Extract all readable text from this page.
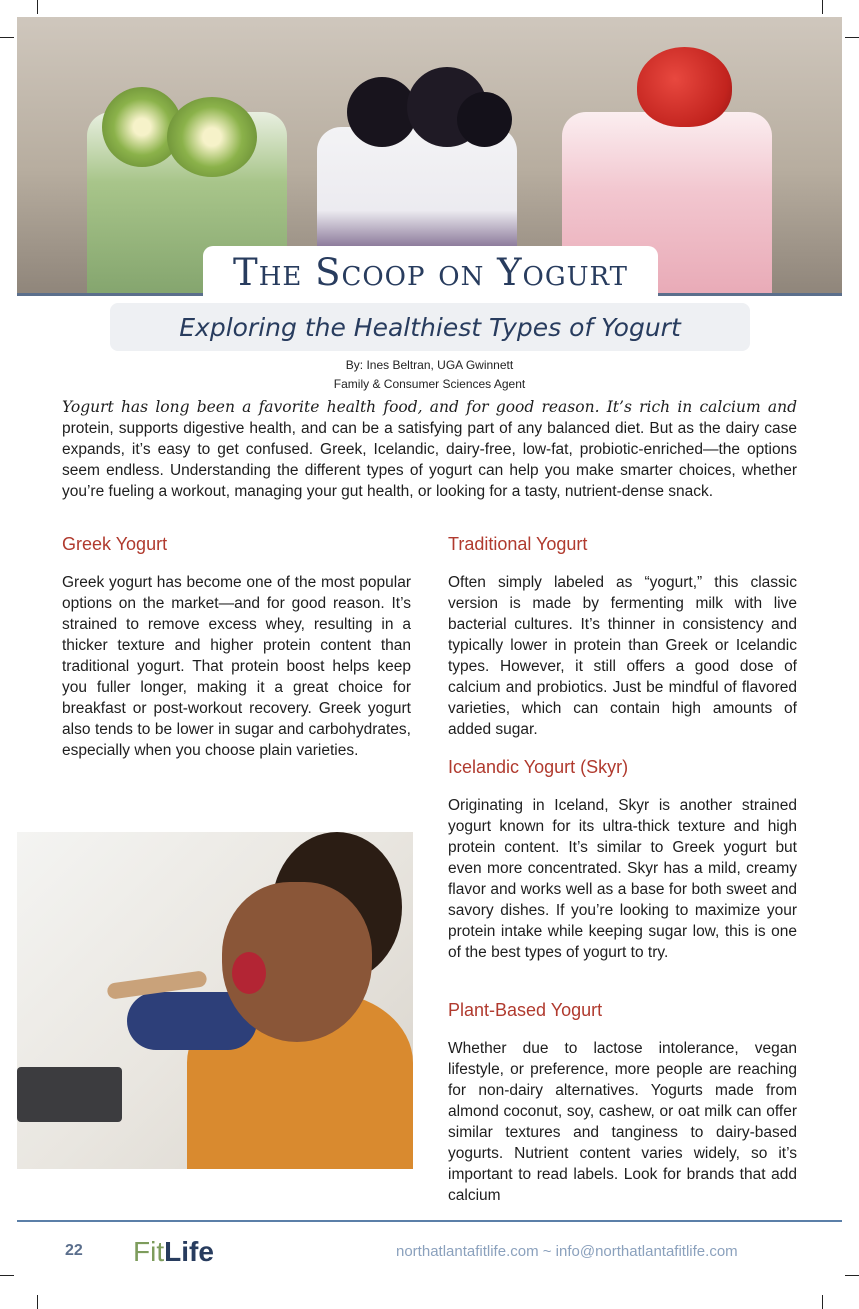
The Scoop on Yogurt
Exploring the Healthiest Types of Yogurt
By: Ines Beltran, UGA Gwinnett
Family & Consumer Sciences Agent
Yogurt has long been a favorite health food, and for good reason. It’s rich in calcium and protein, supports digestive health, and can be a satisfying part of any balanced diet. But as the dairy case expands, it’s easy to get confused. Greek, Icelandic, dairy-free, low-fat, probiotic-enriched—the options seem endless. Understanding the different types of yogurt can help you make smarter choices, whether you’re fueling a workout, managing your gut health, or looking for a tasty, nutrient-dense snack.
Greek Yogurt
Greek yogurt has become one of the most popular options on the market—and for good reason. It’s strained to remove excess whey, resulting in a thicker texture and higher protein content than traditional yogurt. That protein boost helps keep you fuller longer, making it a great choice for breakfast or post-workout recovery. Greek yogurt also tends to be lower in sugar and carbohydrates, especially when you choose plain varieties.
Traditional Yogurt
Often simply labeled as “yogurt,” this classic version is made by fermenting milk with live bacterial cultures. It’s thinner in consistency and typically lower in protein than Greek or Icelandic types. However, it still offers a good dose of calcium and probiotics. Just be mindful of flavored varieties, which can contain high amounts of added sugar.
Icelandic Yogurt (Skyr)
Originating in Iceland, Skyr is another strained yogurt known for its ultra-thick texture and high protein content. It’s similar to Greek yogurt but even more concentrated. Skyr has a mild, creamy flavor and works well as a base for both sweet and savory dishes. If you’re looking to maximize your protein intake while keeping sugar low, this is one of the best types of yogurt to try.
Plant-Based Yogurt
Whether due to lactose intolerance, vegan lifestyle, or preference, more people are reaching for non-dairy alternatives. Yogurts made from almond coconut, soy, cashew, or oat milk can offer similar textures and tanginess to dairy-based yogurts. Nutrient content varies widely, so it’s important to read labels. Look for brands that add calcium
22 FitLife	northatlantafitlife.com ~ info@northatlantafitlife.com
